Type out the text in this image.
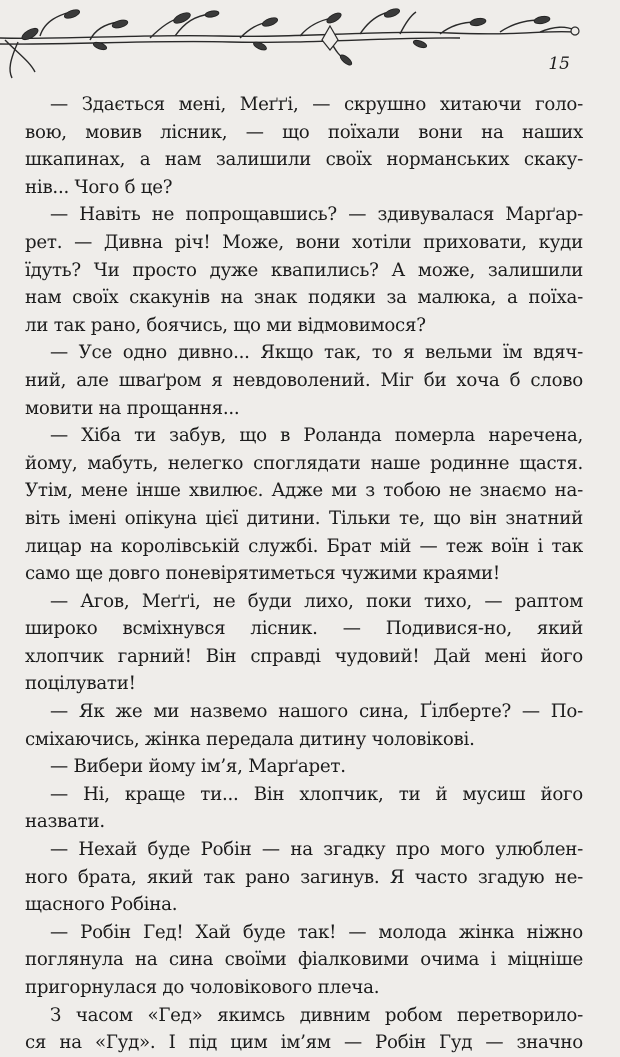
15
— Здається мені, Меґґі, — скрушно хитаючи голо-
вою, мовив лісник, — що поїхали вони на наших
шкапинах, а нам залишили своїх норманських скаку-
нів... Чого б це?
— Навіть не попрощавшись? — здивувалася Марґар-
рет. — Дивна річ! Може, вони хотіли приховати, куди
їдуть? Чи просто дуже квапились? А може, залишили
нам своїх скакунів на знак подяки за малюка, а поїха-
ли так рано, боячись, що ми відмовимося?
— Усе одно дивно... Якщо так, то я вельми їм вдяч-
ний, але шваґром я невдоволений. Міг би хоча б слово
мовити на прощання...
— Хіба ти забув, що в Роланда померла наречена,
йому, мабуть, нелегко споглядати наше родинне щастя.
Утім, мене інше хвилює. Адже ми з тобою не знаємо на-
віть імені опікуна цієї дитини. Тільки те, що він знатний
лицар на королівській службі. Брат мій — теж воїн і так
само ще довго поневірятиметься чужими краями!
— Агов, Меґґі, не буди лихо, поки тихо, — раптом
широко всміхнувся лісник. — Подивися-но, який
хлопчик гарний! Він справді чудовий! Дай мені його
поцілувати!
— Як же ми назвемо нашого сина, Ґілберте? — По-
сміхаючись, жінка передала дитину чоловікові.
— Вибери йому ім’я, Марґарет.
— Ні, краще ти... Він хлопчик, ти й мусиш його
назвати.
— Нехай буде Робін — на згадку про мого улюблен-
ного брата, який так рано загинув. Я часто згадую не-
щасного Робіна.
— Робін Гед! Хай буде так! — молода жінка ніжно
поглянула на сина своїми фіалковими очима і міцніше
пригорнулася до чоловікового плеча.
З часом «Гед» якимсь дивним робом перетворило-
ся на «Гуд». І під цим ім’ям — Робін Гуд — значно
